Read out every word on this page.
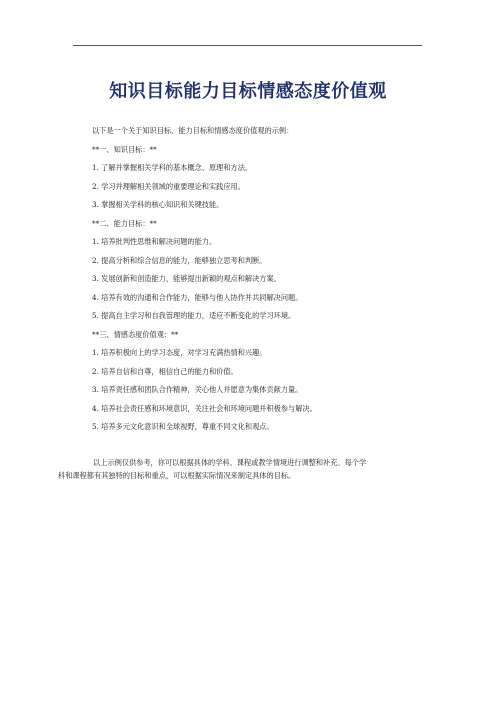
知识目标能力目标情感态度价值观
以下是一个关于知识目标、能力目标和情感态度价值观的示例：
**一、知识目标：**
1. 了解并掌握相关学科的基本概念、原理和方法。
2. 学习并理解相关领域的重要理论和实践应用。
3. 掌握相关学科的核心知识和关键技能。
**二、能力目标：**
1. 培养批判性思维和解决问题的能力。
2. 提高分析和综合信息的能力，能够独立思考和判断。
3. 发展创新和创造能力，能够提出新颖的观点和解决方案。
4. 培养有效的沟通和合作能力，能够与他人协作并共同解决问题。
5. 提高自主学习和自我管理的能力，适应不断变化的学习环境。
**三、情感态度价值观：**
1. 培养积极向上的学习态度，对学习充满热情和兴趣。
2. 培养自信和自尊，相信自己的能力和价值。
3. 培养责任感和团队合作精神，关心他人并愿意为集体贡献力量。
4. 培养社会责任感和环境意识，关注社会和环境问题并积极参与解决。
5. 培养多元文化意识和全球视野，尊重不同文化和观点。
以上示例仅供参考，你可以根据具体的学科、课程或教学情境进行调整和补充。每个学
科和课程都有其独特的目标和重点，可以根据实际情况来制定具体的目标。
